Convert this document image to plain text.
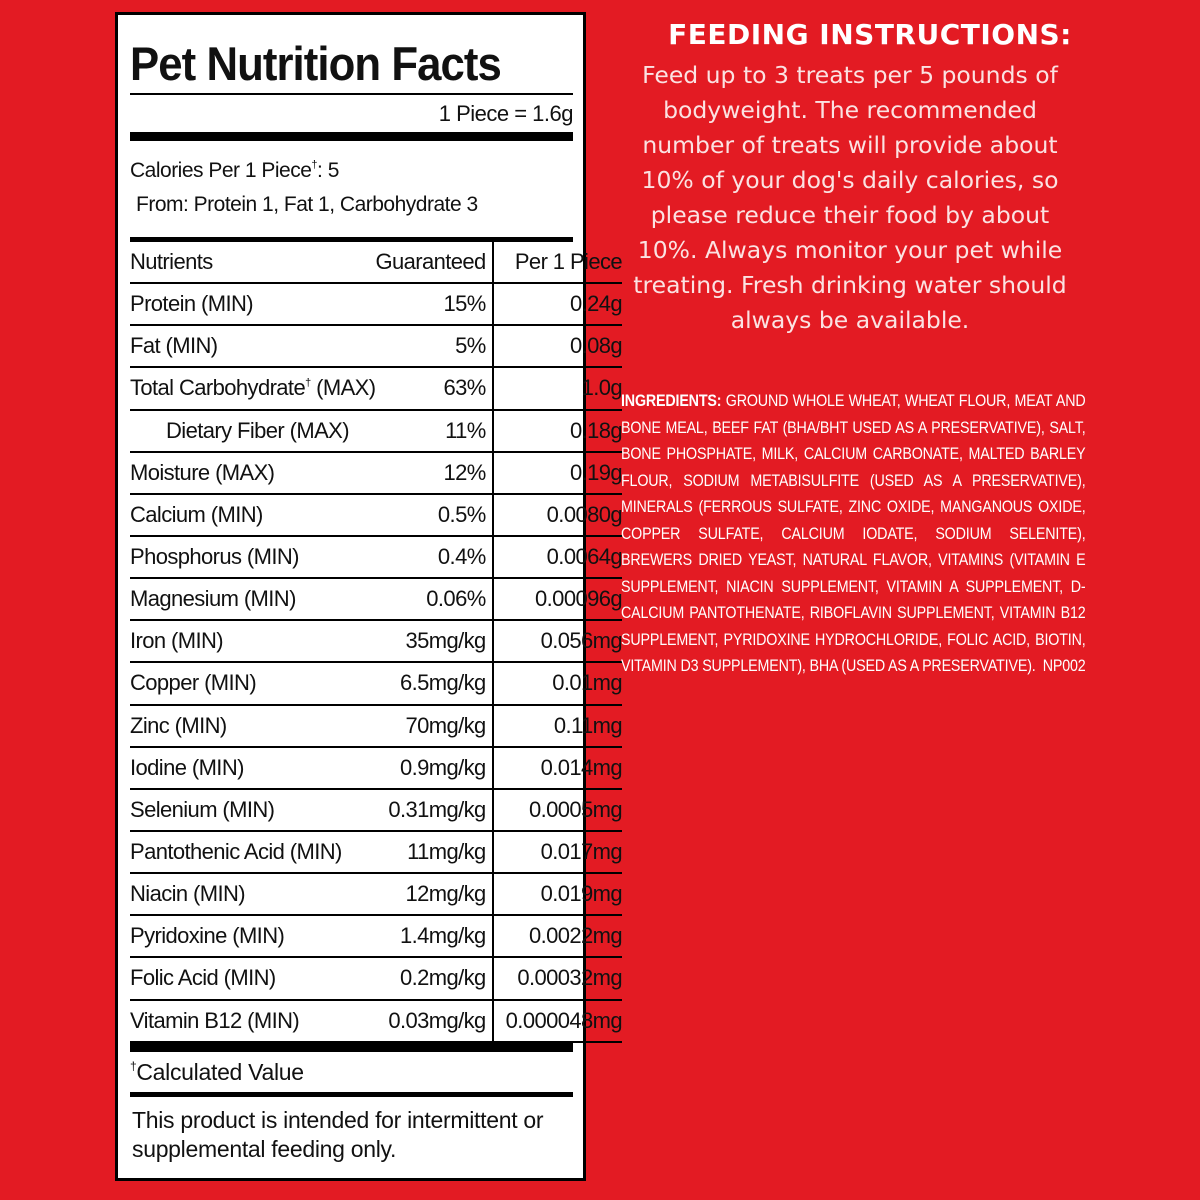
Pet Nutrition Facts
1 Piece = 1.6g
Calories Per 1 Piece†: 5
From: Protein 1, Fat 1, Carbohydrate 3
Nutrients	Guaranteed	Per 1 Piece
Protein (MIN)	15%	0.24g
Fat (MIN)	5%	0.08g
Total Carbohydrate† (MAX)	63%	1.0g
Dietary Fiber (MAX)	11%	0.18g
Moisture (MAX)	12%	0.19g
Calcium (MIN)	0.5%	0.0080g
Phosphorus (MIN)	0.4%	0.0064g
Magnesium (MIN)	0.06%	0.00096g
Iron (MIN)	35mg/kg	0.056mg
Copper (MIN)	6.5mg/kg	0.01mg
Zinc (MIN)	70mg/kg	0.11mg
Iodine (MIN)	0.9mg/kg	0.014mg
Selenium (MIN)	0.31mg/kg	0.0005mg
Pantothenic Acid (MIN)	11mg/kg	0.017mg
Niacin (MIN)	12mg/kg	0.019mg
Pyridoxine (MIN)	1.4mg/kg	0.0022mg
Folic Acid (MIN)	0.2mg/kg	0.00032mg
Vitamin B12 (MIN)	0.03mg/kg	0.000048mg
†Calculated Value
This product is intended for intermittent or supplemental feeding only.
FEEDING INSTRUCTIONS:
Feed up to 3 treats per 5 pounds of
bodyweight. The recommended
number of treats will provide about
10% of your dog's daily calories, so
please reduce their food by about
10%. Always monitor your pet while
treating. Fresh drinking water should
always be available.
INGREDIENTS: GROUND WHOLE WHEAT, WHEAT FLOUR, MEAT AND BONE MEAL, BEEF FAT (BHA/BHT USED AS A PRESERVATIVE), SALT, BONE PHOSPHATE, MILK, CALCIUM CARBONATE, MALTED BARLEY FLOUR, SODIUM METABISULFITE (USED AS A PRESERVATIVE), MINERALS (FERROUS SULFATE, ZINC OXIDE, MANGANOUS OXIDE, COPPER SULFATE, CALCIUM IODATE, SODIUM SELENITE), BREWERS DRIED YEAST, NATURAL FLAVOR, VITAMINS (VITAMIN E SUPPLEMENT, NIACIN SUPPLEMENT, VITAMIN A SUPPLEMENT, D-CALCIUM PANTOTHENATE, RIBOFLAVIN SUPPLEMENT, VITAMIN B12 SUPPLEMENT, PYRIDOXINE HYDROCHLORIDE, FOLIC ACID, BIOTIN, VITAMIN D3 SUPPLEMENT), BHA (USED AS A PRESERVATIVE). NP002
